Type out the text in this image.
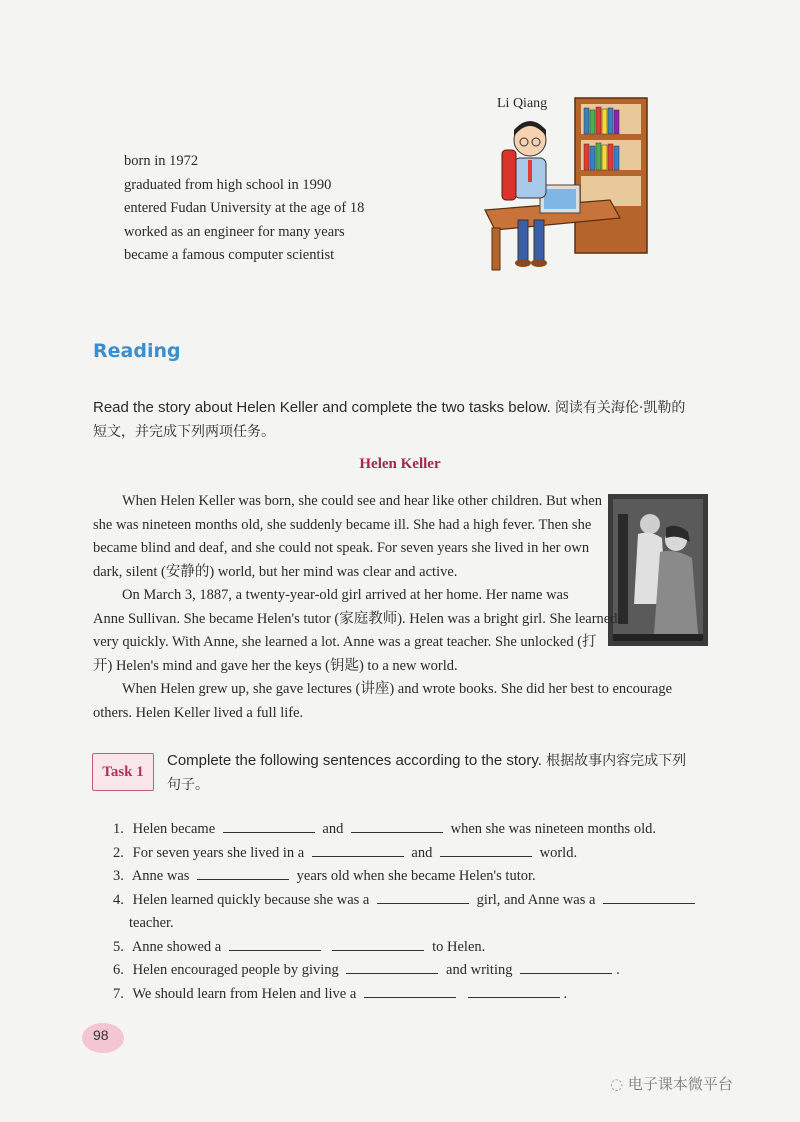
born in 1972
graduated from high school in 1990
entered Fudan University at the age of 18
worked as an engineer for many years
became a famous computer scientist
Li Qiang
Reading
Read the story about Helen Keller and complete the two tasks below. 阅读有关海伦·凯勒的
短文，并完成下列两项任务。
Helen Keller
When Helen Keller was born, she could see and hear like other children. But when
she was nineteen months old, she suddenly became ill. She had a high fever. Then she
became blind and deaf, and she could not speak. For seven years she lived in her own
dark, silent (安静的) world, but her mind was clear and active.
On March 3, 1887, a twenty-year-old girl arrived at her home. Her name was
Anne Sullivan. She became Helen's tutor (家庭教师). Helen was a bright girl. She learned
very quickly. With Anne, she learned a lot. Anne was a great teacher. She unlocked (打
开) Helen's mind and gave her the keys (钥匙) to a new world.
When Helen grew up, she gave lectures (讲座) and wrote books. She did her best to encourage
others. Helen Keller lived a full life.
Task 1
Complete the following sentences according to the story. 根据故事内容完成下列
句子。
1. Helen became	and	when she was nineteen months old.
2. For seven years she lived in a	and	world.
3. Anne was	years old when she became Helen's tutor.
4. Helen learned quickly because she was a	girl, and Anne was a
teacher.
5. Anne showed a	to Helen.
6. Helen encouraged people by giving	and writing	.
7. We should learn from Helen and live a	.
98
◌ 电子课本微平台
